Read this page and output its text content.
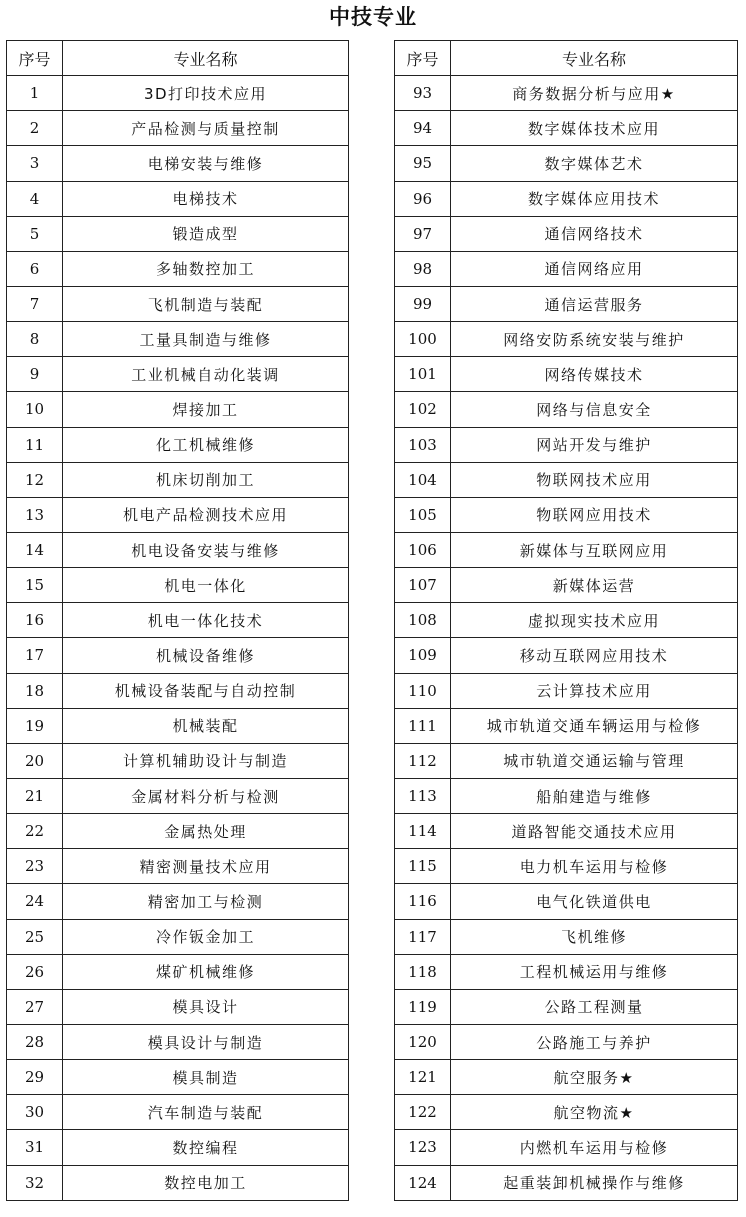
中技专业
序号	专业名称
1	3D打印技术应用
2	产品检测与质量控制
3	电梯安装与维修
4	电梯技术
5	锻造成型
6	多轴数控加工
7	飞机制造与装配
8	工量具制造与维修
9	工业机械自动化装调
10	焊接加工
11	化工机械维修
12	机床切削加工
13	机电产品检测技术应用
14	机电设备安装与维修
15	机电一体化
16	机电一体化技术
17	机械设备维修
18	机械设备装配与自动控制
19	机械装配
20	计算机辅助设计与制造
21	金属材料分析与检测
22	金属热处理
23	精密测量技术应用
24	精密加工与检测
25	冷作钣金加工
26	煤矿机械维修
27	模具设计
28	模具设计与制造
29	模具制造
30	汽车制造与装配
31	数控编程
32	数控电加工
序号	专业名称
93	商务数据分析与应用★
94	数字媒体技术应用
95	数字媒体艺术
96	数字媒体应用技术
97	通信网络技术
98	通信网络应用
99	通信运营服务
100	网络安防系统安装与维护
101	网络传媒技术
102	网络与信息安全
103	网站开发与维护
104	物联网技术应用
105	物联网应用技术
106	新媒体与互联网应用
107	新媒体运营
108	虚拟现实技术应用
109	移动互联网应用技术
110	云计算技术应用
111	城市轨道交通车辆运用与检修
112	城市轨道交通运输与管理
113	船舶建造与维修
114	道路智能交通技术应用
115	电力机车运用与检修
116	电气化铁道供电
117	飞机维修
118	工程机械运用与维修
119	公路工程测量
120	公路施工与养护
121	航空服务★
122	航空物流★
123	内燃机车运用与检修
124	起重装卸机械操作与维修
